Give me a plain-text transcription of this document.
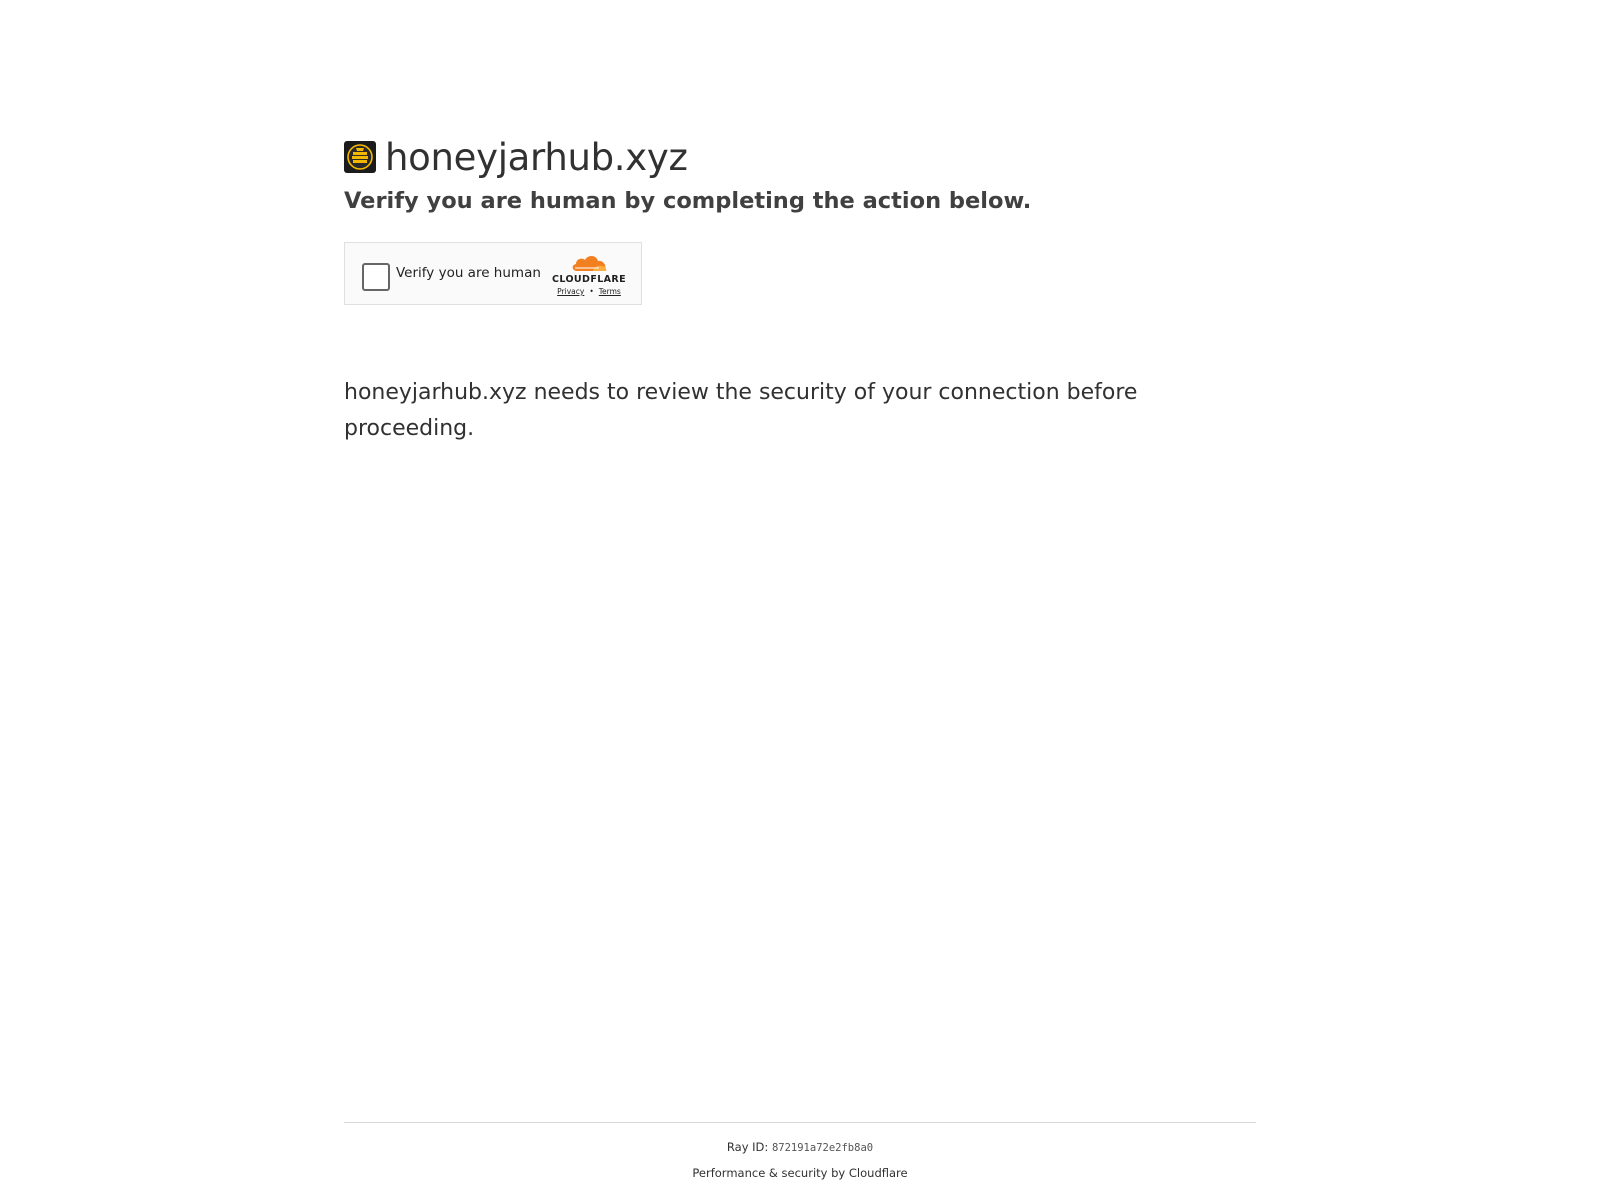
honeyjarhub.xyz
Verify you are human by completing the action below.
Verify you are human	CLOUDFLARE
Privacy • Terms
honeyjarhub.xyz needs to review the security of your connection before proceeding.
Ray ID: 872191a72e2fb8a0
Performance & security by Cloudflare
